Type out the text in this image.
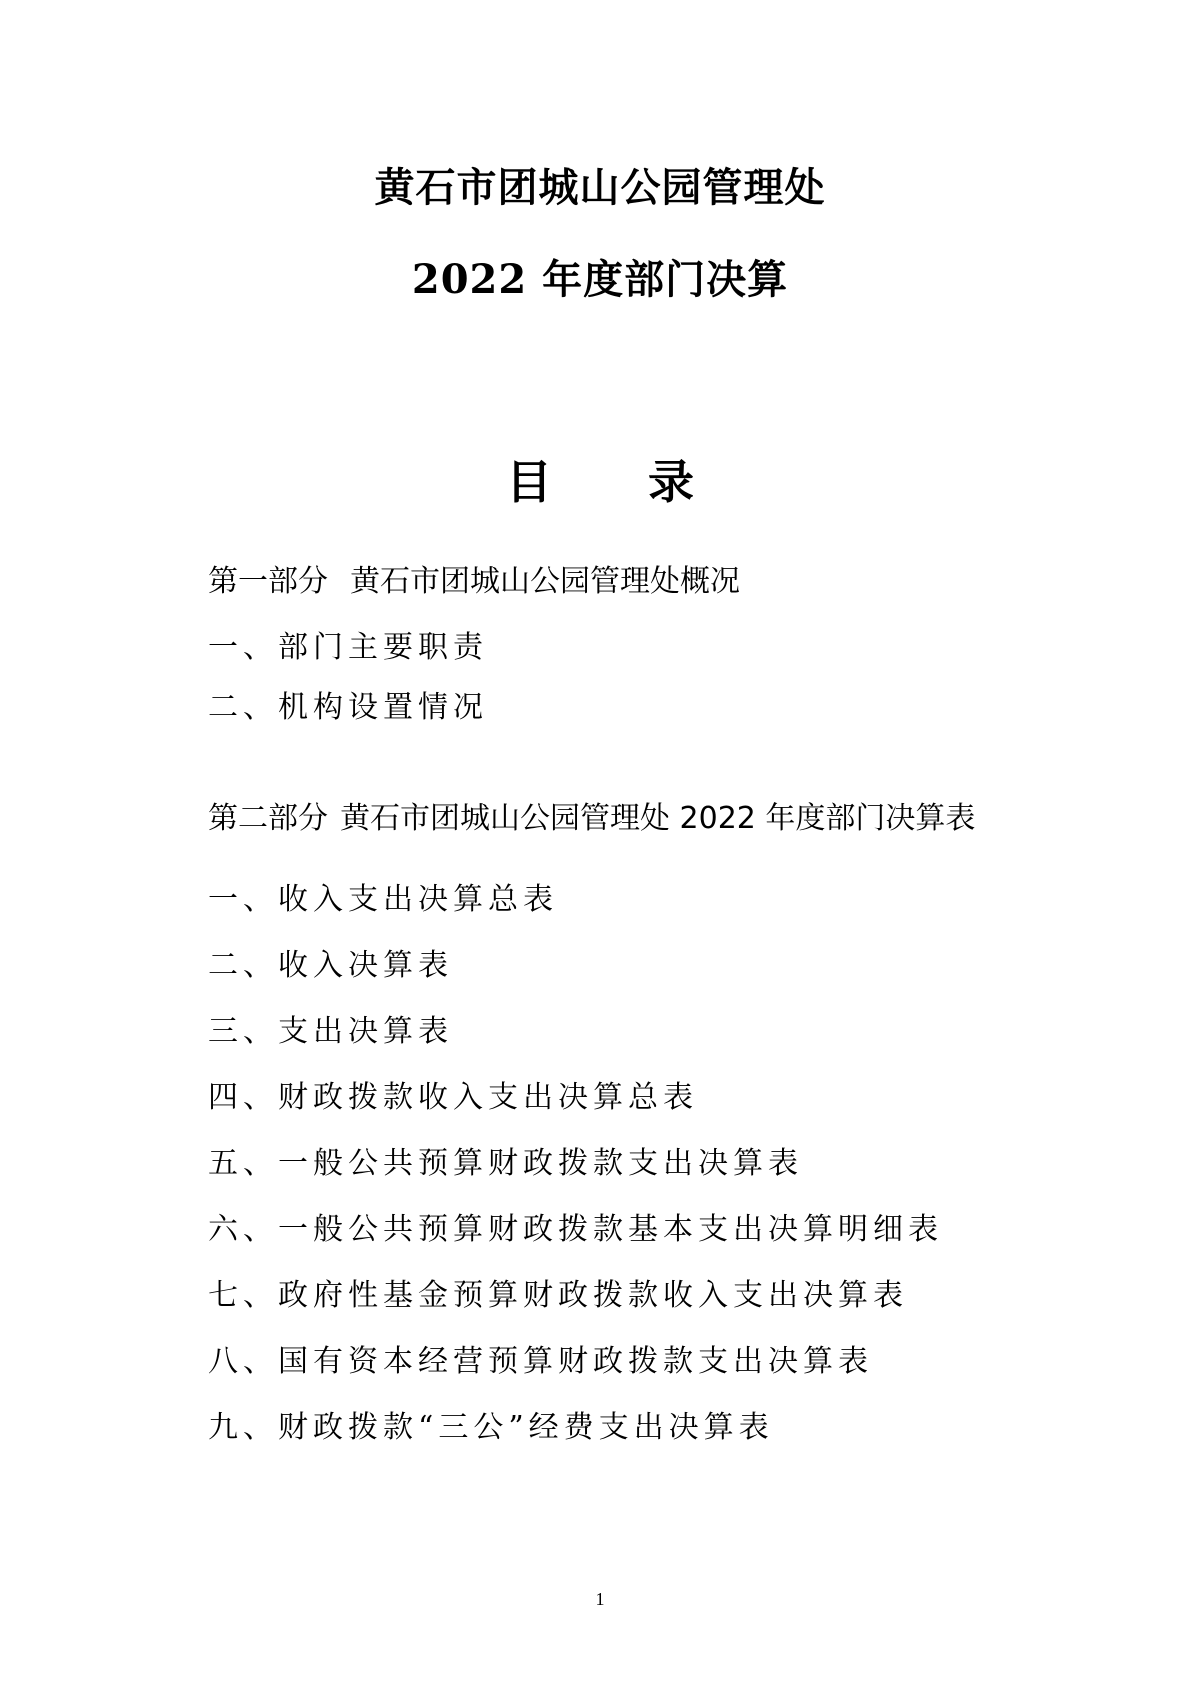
黄石市团城山公园管理处
2022 年度部门决算
目 录
第一部分 黄石市团城山公园管理处概况
一、部门主要职责
二、机构设置情况
第二部分 黄石市团城山公园管理处 2022 年度部门决算表
一、收入支出决算总表
二、收入决算表
三、支出决算表
四、财政拨款收入支出决算总表
五、一般公共预算财政拨款支出决算表
六、一般公共预算财政拨款基本支出决算明细表
七、政府性基金预算财政拨款收入支出决算表
八、国有资本经营预算财政拨款支出决算表
九、财政拨款“三公”经费支出决算表
1
